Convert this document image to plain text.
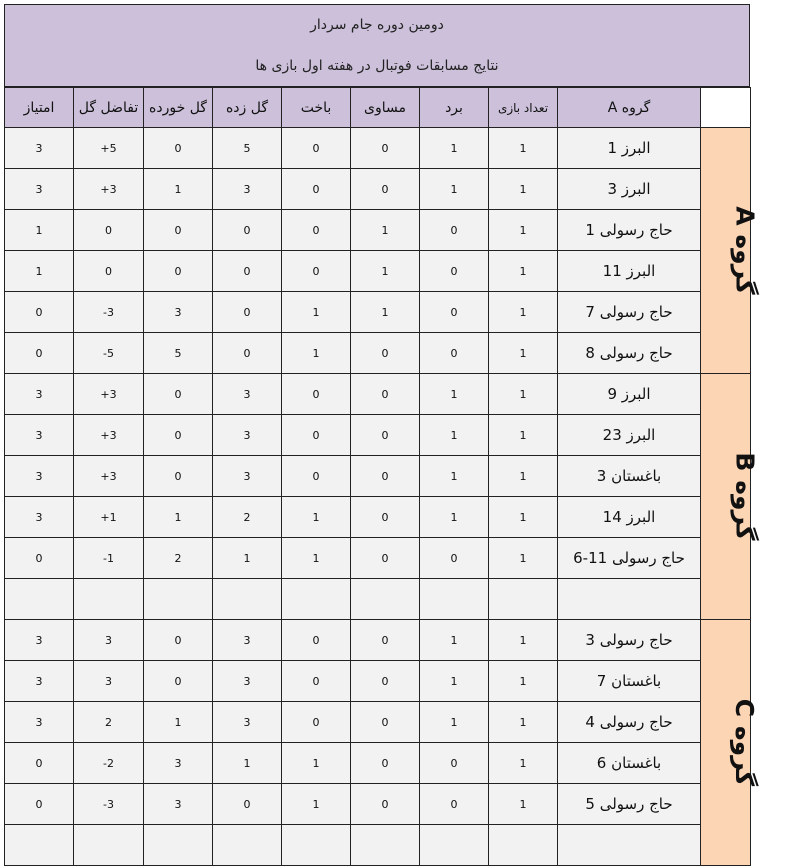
دومین دوره جام سردار
نتایج مسابقات فوتبال در هفته اول بازی ها
امتیاز	تفاضل گل	گل خورده	گل زده	باخت	مساوی	برد	تعداد بازی	گروه A	
3	+5	0	5	0	0	1	1	البرز 1	گروه A
3	+3	1	3	0	0	1	1	البرز 3	
1	0	0	0	0	1	0	1	حاج رسولی 1	
1	0	0	0	0	1	0	1	البرز 11	
0	-3	3	0	1	1	0	1	حاج رسولی 7	
0	-5	5	0	1	0	0	1	حاج رسولی 8	
3	+3	0	3	0	0	1	1	البرز 9	گروه B
3	+3	0	3	0	0	1	1	البرز 23	
3	+3	0	3	0	0	1	1	باغستان 3	
3	+1	1	2	1	0	1	1	البرز 14	
0	-1	2	1	1	0	0	1	حاج رسولی 11-6	

3	3	0	3	0	0	1	1	حاج رسولی 3	گروه C
3	3	0	3	0	0	1	1	باغستان 7	
3	2	1	3	0	0	1	1	حاج رسولی 4	
0	-2	3	1	1	0	0	1	باغستان 6	
0	-3	3	0	1	0	0	1	حاج رسولی 5	
